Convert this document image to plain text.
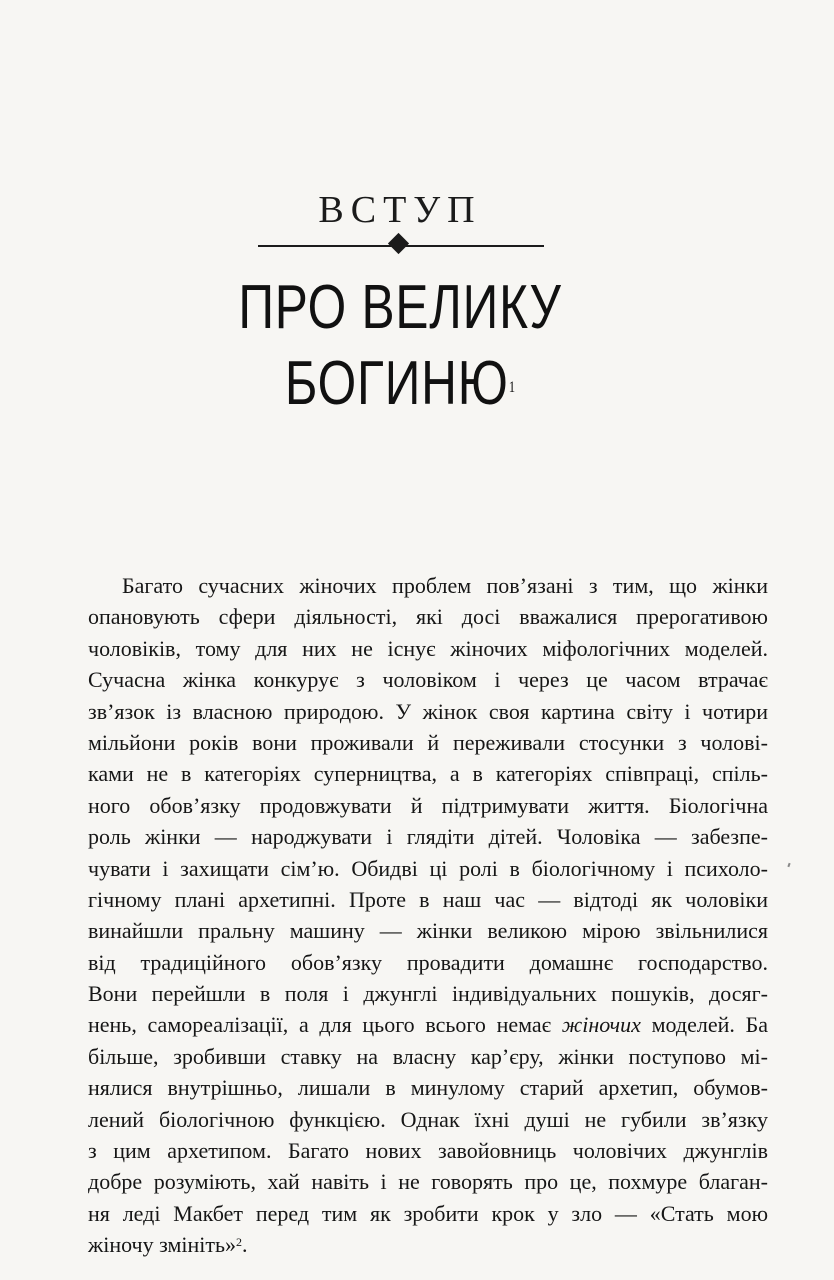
ВСТУП
ПРО ВЕЛИКУ
БОГИНЮ$^1$
Багато сучасних жіночих проблем пов’язані з тим, що жінки
опановують сфери діяльності, які досі вважалися прерогативою
чоловіків, тому для них не існує жіночих міфологічних моделей.
Сучасна жінка конкурує з чоловіком і через це часом втрачає
зв’язок із власною природою. У жінок своя картина світу і чотири
мільйони років вони проживали й переживали стосунки з чолові-
ками не в категоріях суперництва, а в категоріях співпраці, спіль-
ного обов’язку продовжувати й підтримувати життя. Біологічна
роль жінки — народжувати і глядіти дітей. Чоловіка — забезпе-
чувати і захищати сім’ю. Обидві ці ролі в біологічному і психоло-
гічному плані архетипні. Проте в наш час — відтоді як чоловіки
винайшли пральну машину — жінки великою мірою звільнилися
від традиційного обов’язку провадити домашнє господарство.
Вони перейшли в поля і джунглі індивідуальних пошуків, досяг-
нень, самореалізації, а для цього всього немає жіночих моделей. Ба
більше, зробивши ставку на власну кар’єру, жінки поступово мі-
нялися внутрішньо, лишали в минулому старий архетип, обумов-
лений біологічною функцією. Однак їхні душі не губили зв’язку
з цим архетипом. Багато нових завойовниць чоловічих джунглів
добре розуміють, хай навіть і не говорять про це, похмуре благан-
ня леді Макбет перед тим як зробити крок у зло — «Стать мою
жіночу змініть»$^2$.
